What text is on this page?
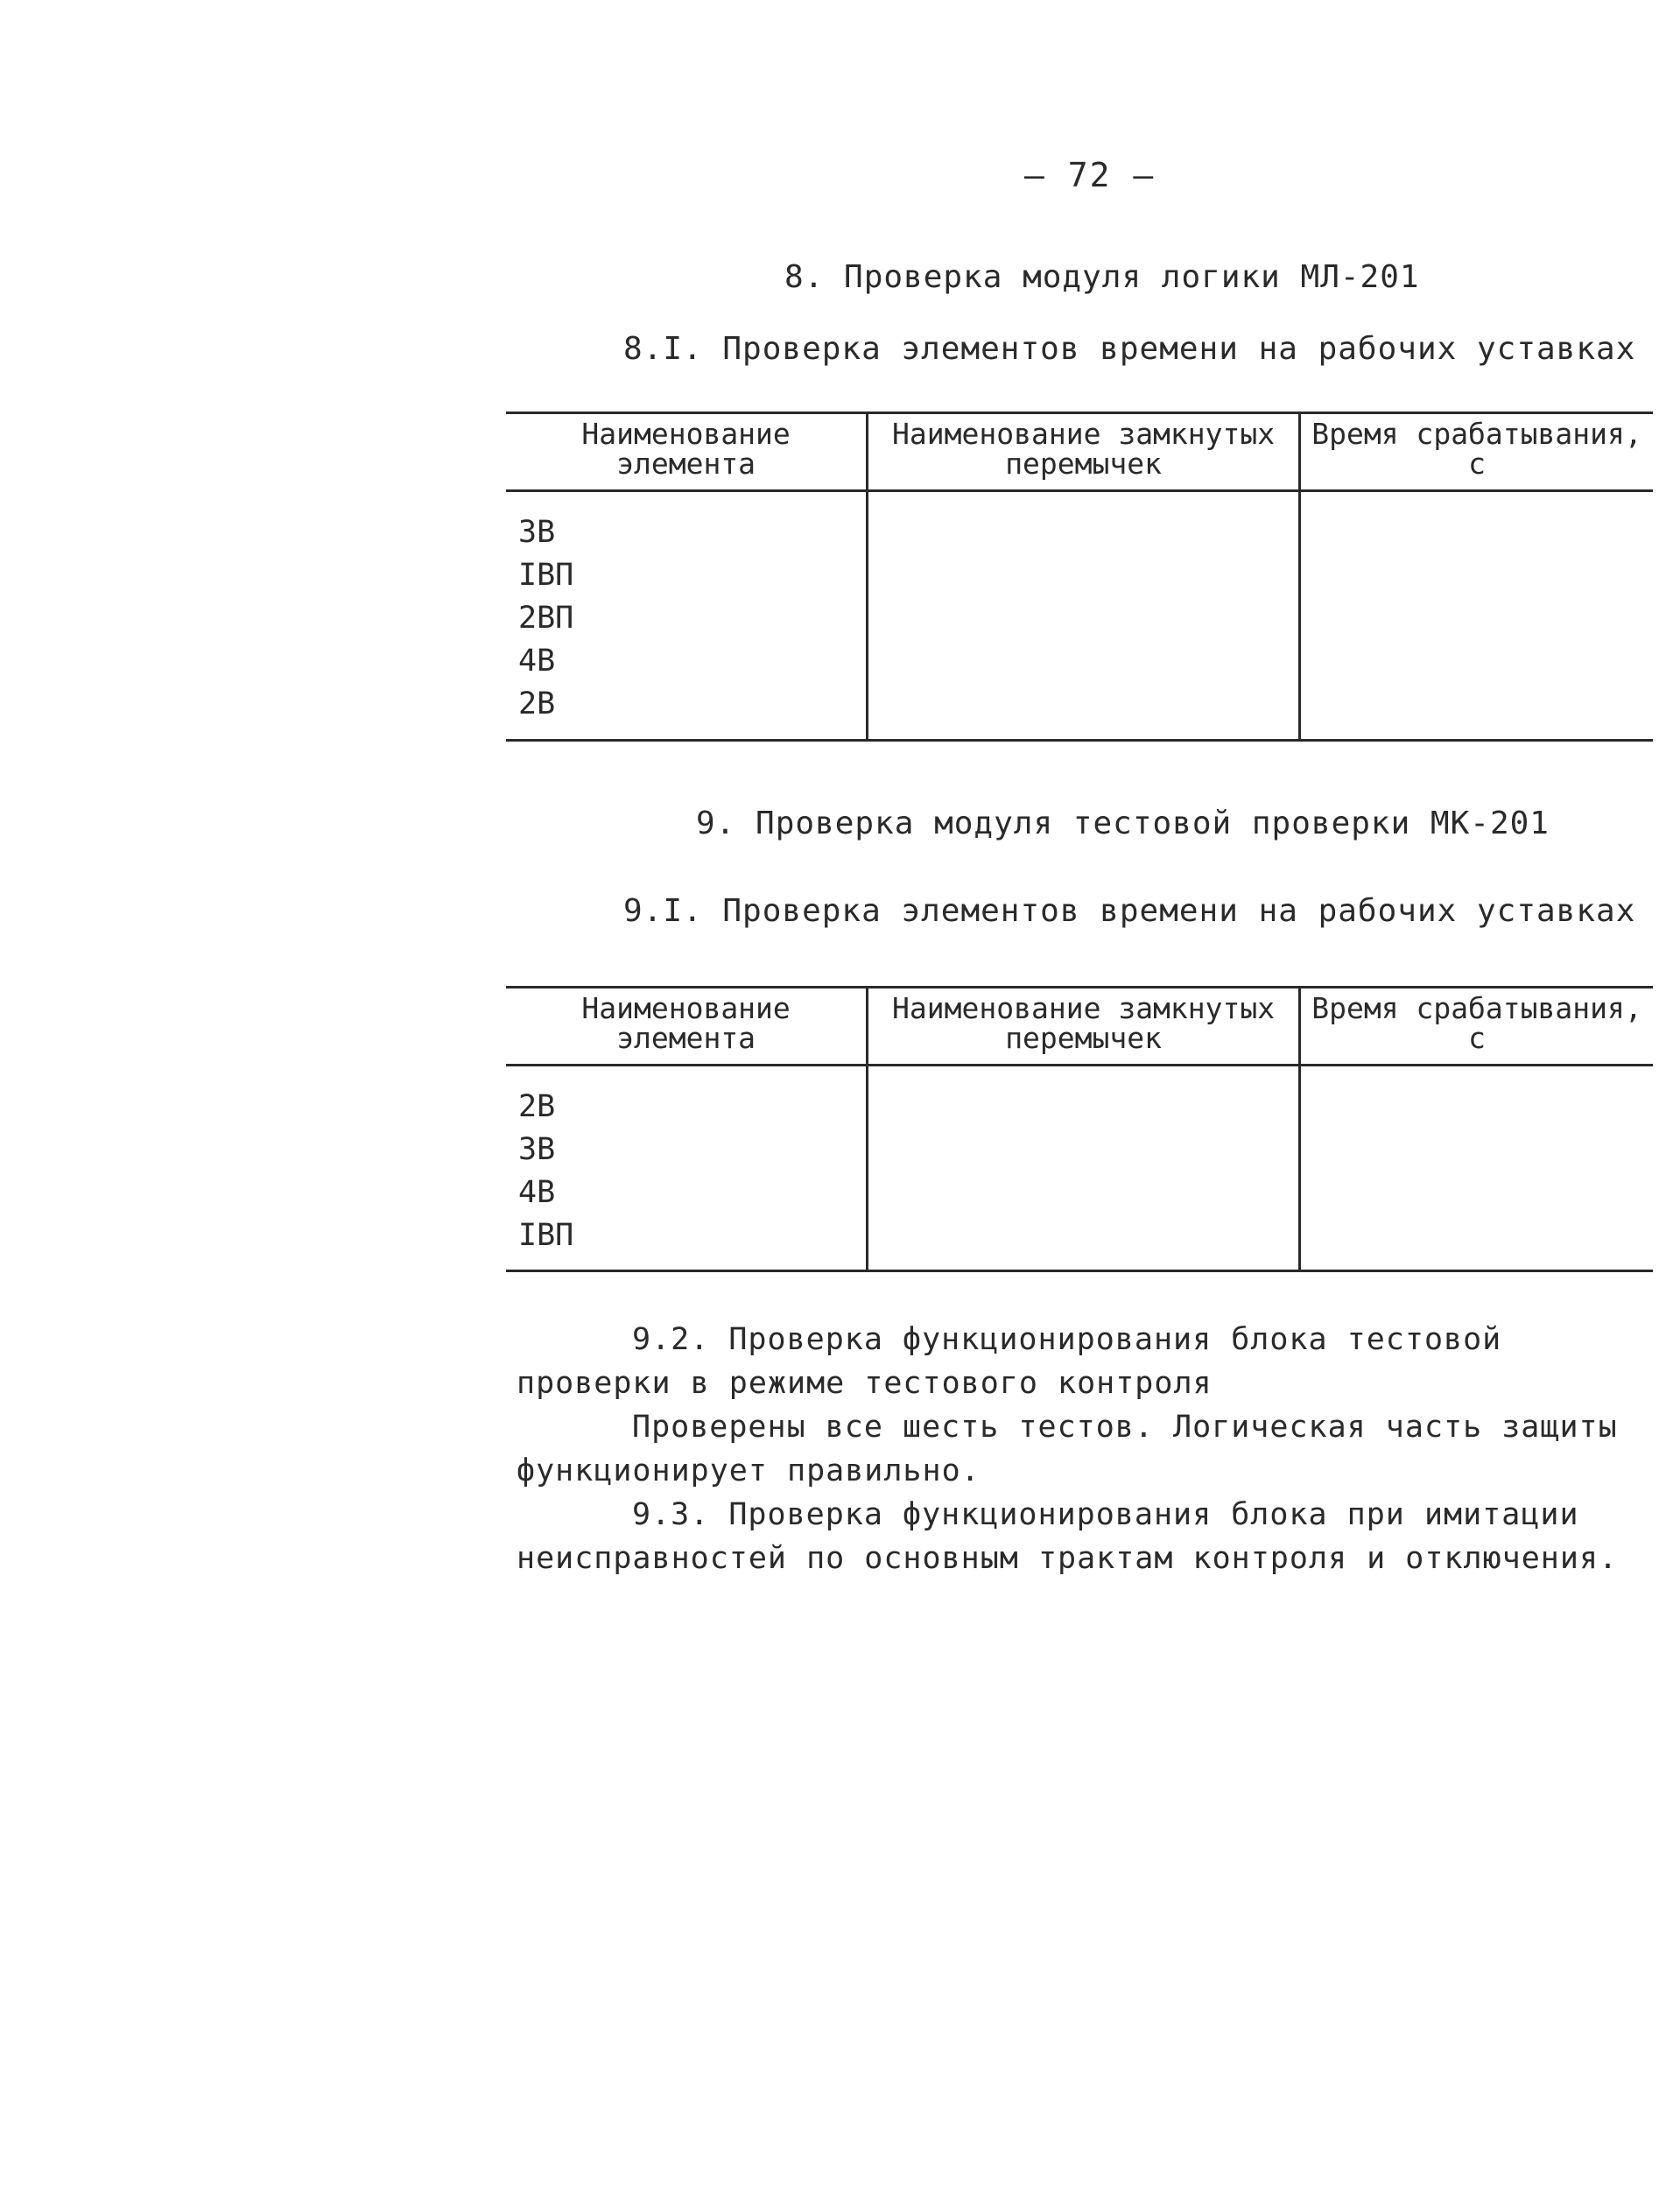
– 72 –
8. Проверка модуля логики МЛ-201
8.I. Проверка элементов времени на рабочих уставках
Наименование элемента	Наименование замкнутых перемычек	Время срабатывания, с

ЗВ
IВП
2ВП
4В
2В		

9. Проверка модуля тестовой проверки МК-201
9.I. Проверка элементов времени на рабочих уставках
Наименование элемента	Наименование замкнутых перемычек	Время срабатывания, с

2В
3В
4В
IВП		

9.2. Проверка функционирования блока тестовой проверки в режиме тестового контроля

Проверены все шесть тестов. Логическая часть защиты функционирует правильно.

9.3. Проверка функционирования блока при имитации неисправностей по основным трактам контроля и отключения.
